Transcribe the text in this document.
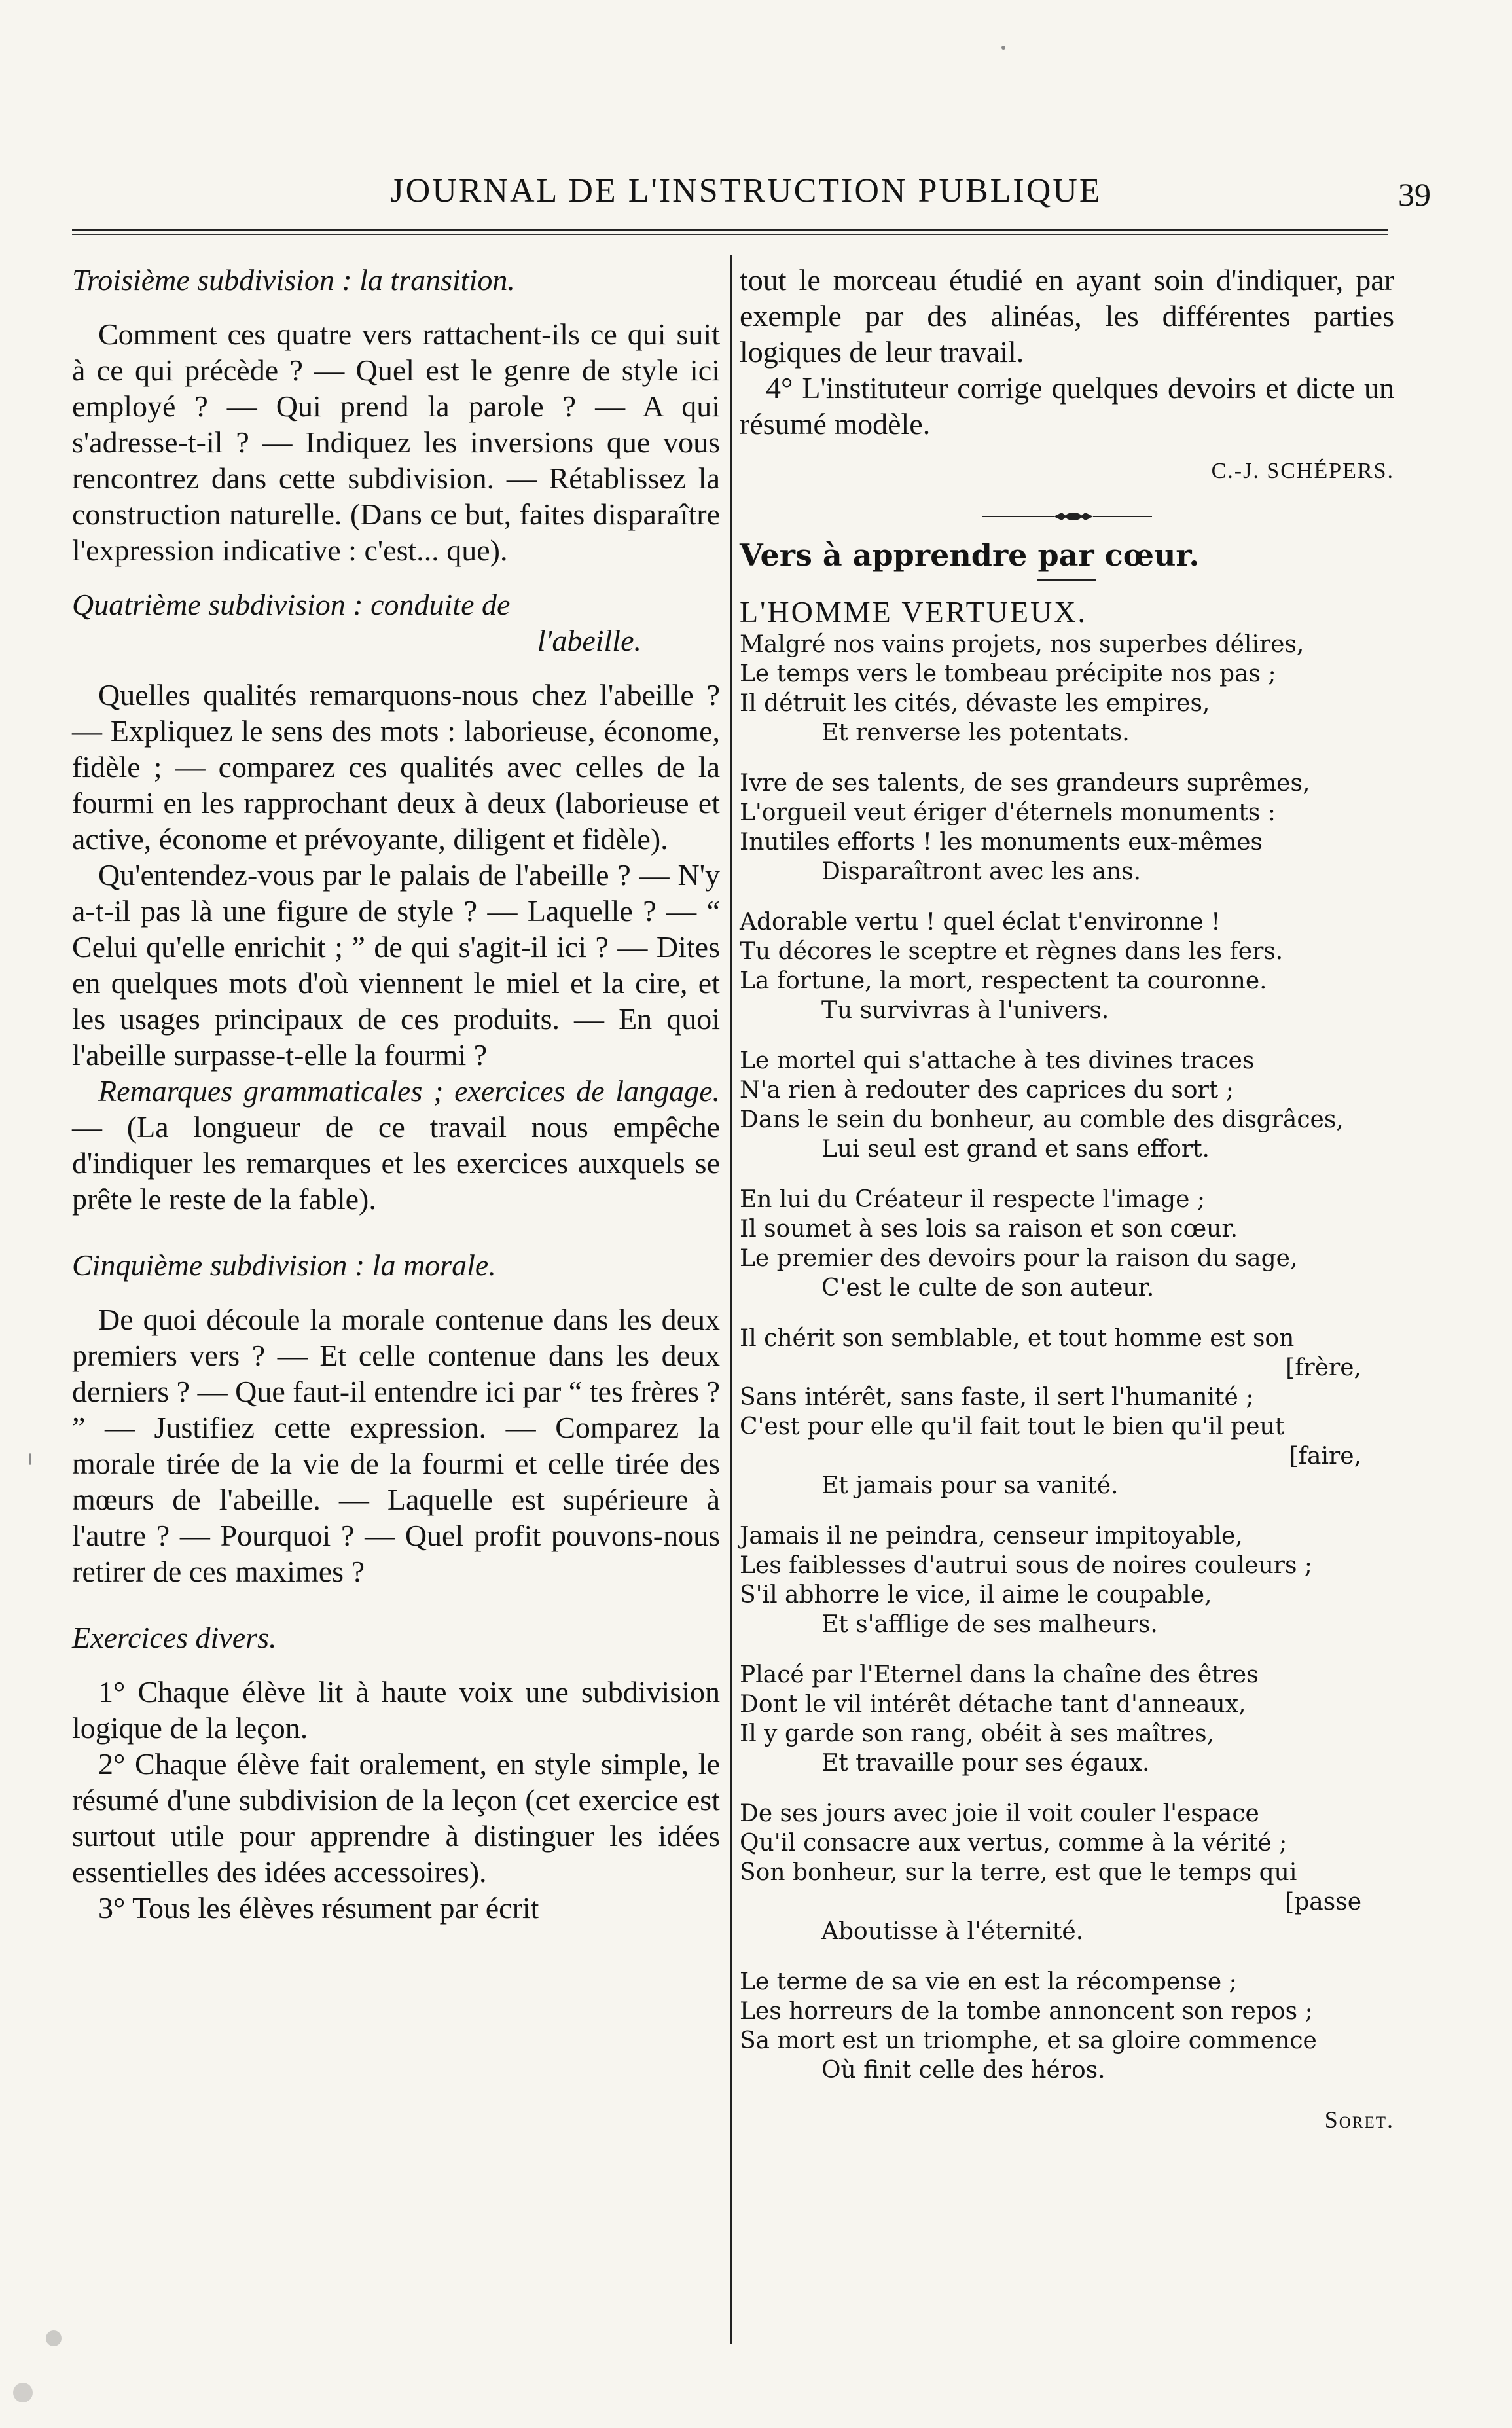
JOURNAL DE L'INSTRUCTION PUBLIQUE	39

Troisième subdivision : la transition.

Comment ces quatre vers rattachent-ils ce qui suit à ce qui précède ? — Quel est le genre de style ici employé ? — Qui prend la parole ? — A qui s'adresse-t-il ? — Indiquez les inversions que vous rencontrez dans cette subdivision. — Rétablissez la construction naturelle. (Dans ce but, faites disparaître l'expression indicative : c'est... que).

Quatrième subdivision : conduite de

l'abeille.

Quelles qualités remarquons-nous chez l'abeille ? — Expliquez le sens des mots : laborieuse, économe, fidèle ; — comparez ces qualités avec celles de la fourmi en les rapprochant deux à deux (laborieuse et active, économe et prévoyante, diligent et fidèle).

Qu'entendez-vous par le palais de l'abeille ? — N'y a-t-il pas là une figure de style ? — Laquelle ? — “ Celui qu'elle enrichit ; ” de qui s'agit-il ici ? — Dites en quelques mots d'où viennent le miel et la cire, et les usages principaux de ces produits. — En quoi l'abeille surpasse-t-elle la fourmi ?

Remarques grammaticales ; exercices de langage. — (La longueur de ce travail nous empêche d'indiquer les remarques et les exercices auxquels se prête le reste de la fable).

Cinquième subdivision : la morale.

De quoi découle la morale contenue dans les deux premiers vers ? — Et celle contenue dans les deux derniers ? — Que faut-il entendre ici par “ tes frères ? ” — Justifiez cette expression. — Comparez la morale tirée de la vie de la fourmi et celle tirée des mœurs de l'abeille. — Laquelle est supérieure à l'autre ? — Pourquoi ? — Quel profit pouvons-nous retirer de ces maximes ?

Exercices divers.

1° Chaque élève lit à haute voix une subdivision logique de la leçon.

2° Chaque élève fait oralement, en style simple, le résumé d'une subdivision de la leçon (cet exercice est surtout utile pour apprendre à distinguer les idées essentielles des idées accessoires).

3° Tous les élèves résument par écrit

tout le morceau étudié en ayant soin d'indiquer, par exemple par des alinéas, les différentes parties logiques de leur travail.

4° L'instituteur corrige quelques devoirs et dicte un résumé modèle.

C.-J. SCHÉPERS.

Vers à apprendre par cœur.

L'HOMME VERTUEUX.

Malgré nos vains projets, nos superbes délires,
Le temps vers le tombeau précipite nos pas ;
Il détruit les cités, dévaste les empires,
Et renverse les potentats.
Ivre de ses talents, de ses grandeurs suprêmes,
L'orgueil veut ériger d'éternels monuments :
Inutiles efforts ! les monuments eux-mêmes
Disparaîtront avec les ans.
Adorable vertu ! quel éclat t'environne !
Tu décores le sceptre et règnes dans les fers.
La fortune, la mort, respectent ta couronne.
Tu survivras à l'univers.
Le mortel qui s'attache à tes divines traces
N'a rien à redouter des caprices du sort ;
Dans le sein du bonheur, au comble des disgrâces,
Lui seul est grand et sans effort.
En lui du Créateur il respecte l'image ;
Il soumet à ses lois sa raison et son cœur.
Le premier des devoirs pour la raison du sage,
C'est le culte de son auteur.
Il chérit son semblable, et tout homme est son
[frère,
Sans intérêt, sans faste, il sert l'humanité ;
C'est pour elle qu'il fait tout le bien qu'il peut
[faire,
Et jamais pour sa vanité.
Jamais il ne peindra, censeur impitoyable,
Les faiblesses d'autrui sous de noires couleurs ;
S'il abhorre le vice, il aime le coupable,
Et s'afflige de ses malheurs.
Placé par l'Eternel dans la chaîne des êtres
Dont le vil intérêt détache tant d'anneaux,
Il y garde son rang, obéit à ses maîtres,
Et travaille pour ses égaux.
De ses jours avec joie il voit couler l'espace
Qu'il consacre aux vertus, comme à la vérité ;
Son bonheur, sur la terre, est que le temps qui
[passe
Aboutisse à l'éternité.
Le terme de sa vie en est la récompense ;
Les horreurs de la tombe annoncent son repos ;
Sa mort est un triomphe, et sa gloire commence
Où finit celle des héros.
Soret.
